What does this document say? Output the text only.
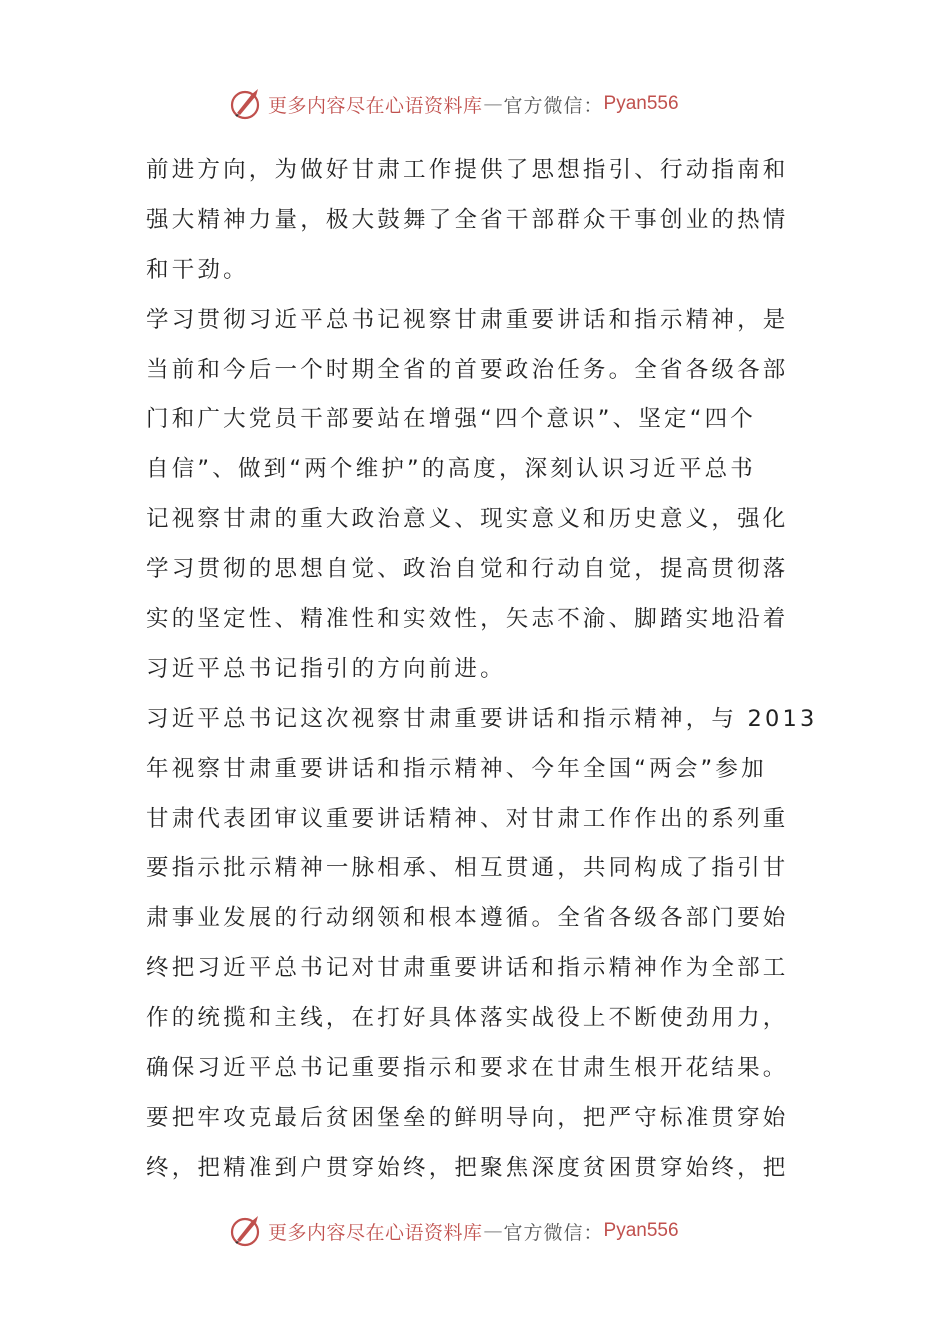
更多内容尽在心语资料库 — 官方微信： Pyan556
前进方向，为做好甘肃工作提供了思想指引、行动指南和
强大精神力量，极大鼓舞了全省干部群众干事创业的热情
和干劲。
学习贯彻习近平总书记视察甘肃重要讲话和指示精神，是
当前和今后一个时期全省的首要政治任务。全省各级各部
门和广大党员干部要站在增强“四个意识”、坚定“四个
自信”、做到“两个维护”的高度，深刻认识习近平总书
记视察甘肃的重大政治意义、现实意义和历史意义，强化
学习贯彻的思想自觉、政治自觉和行动自觉，提高贯彻落
实的坚定性、精准性和实效性，矢志不渝、脚踏实地沿着
习近平总书记指引的方向前进。
习近平总书记这次视察甘肃重要讲话和指示精神，与 2013
年视察甘肃重要讲话和指示精神、今年全国“两会”参加
甘肃代表团审议重要讲话精神、对甘肃工作作出的系列重
要指示批示精神一脉相承、相互贯通，共同构成了指引甘
肃事业发展的行动纲领和根本遵循。全省各级各部门要始
终把习近平总书记对甘肃重要讲话和指示精神作为全部工
作的统揽和主线，在打好具体落实战役上不断使劲用力，
确保习近平总书记重要指示和要求在甘肃生根开花结果。
要把牢攻克最后贫困堡垒的鲜明导向，把严守标准贯穿始
终，把精准到户贯穿始终，把聚焦深度贫困贯穿始终，把
更多内容尽在心语资料库 — 官方微信： Pyan556
